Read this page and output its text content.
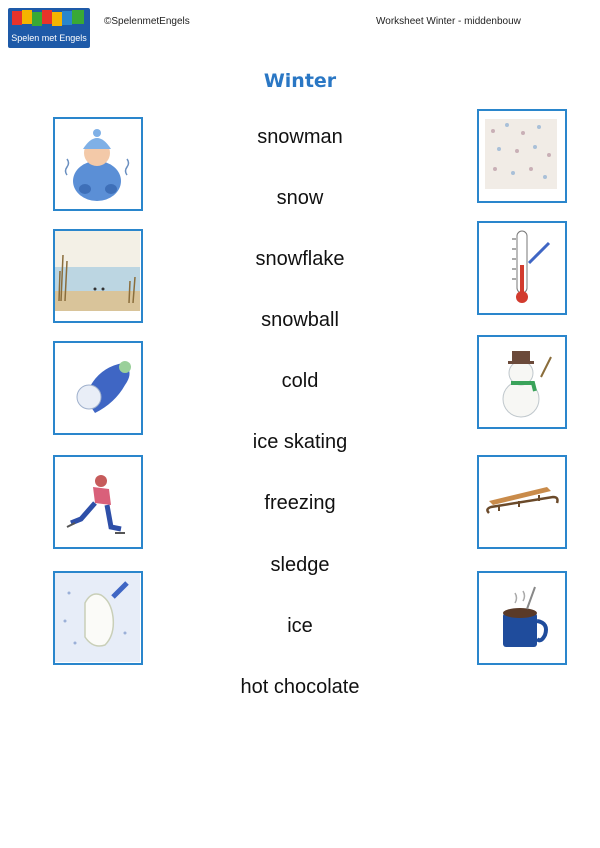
Spelen met Engels
©SpelenmetEngels	Worksheet Winter - middenbouw
Winter
snowman
snow
snowflake
snowball
cold
ice skating
freezing
sledge
ice
hot chocolate
